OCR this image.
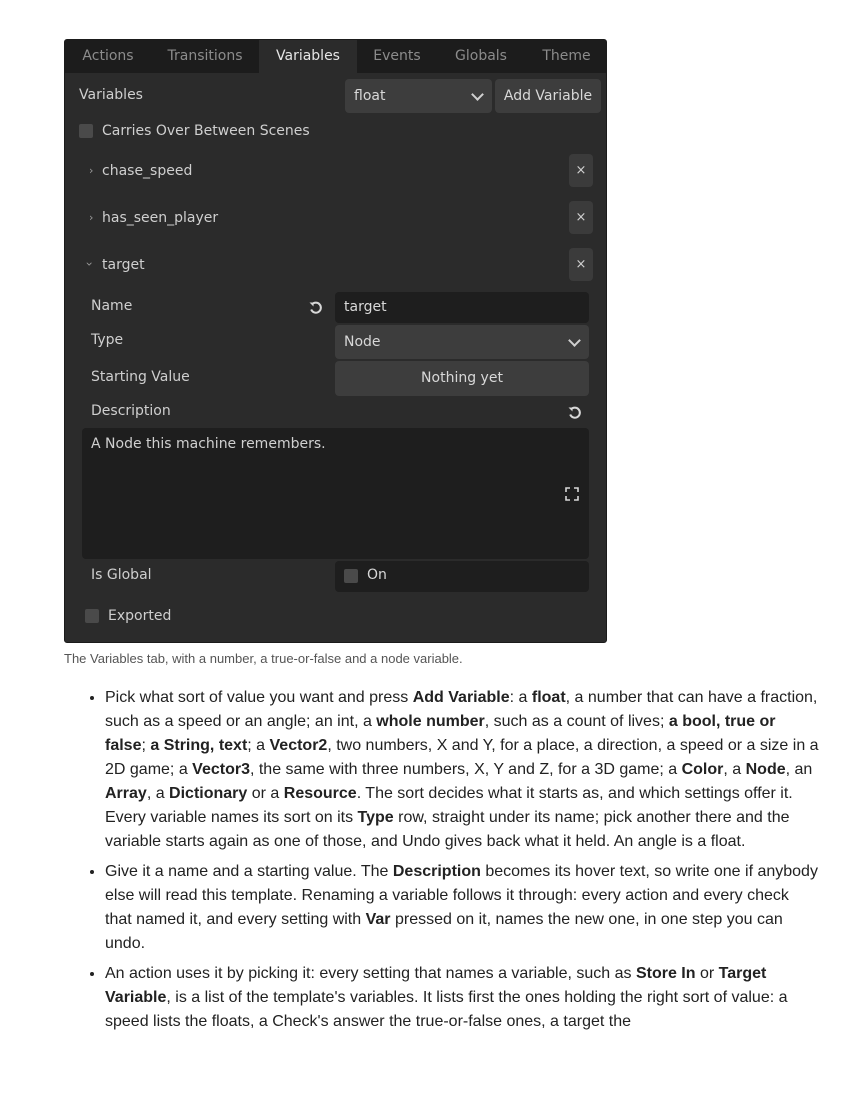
Actions	Transitions	Variables	Events	Globals	Theme
Variables	float	Add Variable
Carries Over Between Scenes
› chase_speed	×
› has_seen_player	×
› target	×
Name	target
Type	Node
Starting Value	Nothing yet
Description
A Node this machine remembers.
Is Global	On
Exported
The Variables tab, with a number, a true-or-false and a node variable.
• Pick what sort of value you want and press Add Variable: a float, a number that can have a fraction, such as a speed or an angle; an int, a whole number, such as a count of lives; a bool, true or false; a String, text; a Vector2, two numbers, X and Y, for a place, a direction, a speed or a size in a 2D game; a Vector3, the same with three numbers, X, Y and Z, for a 3D game; a Color, a Node, an Array, a Dictionary or a Resource. The sort decides what it starts as, and which settings offer it. Every variable names its sort on its Type row, straight under its name; pick another there and the variable starts again as one of those, and Undo gives back what it held. An angle is a float.
• Give it a name and a starting value. The Description becomes its hover text, so write one if anybody else will read this template. Renaming a variable follows it through: every action and every check that named it, and every setting with Var pressed on it, names the new one, in one step you can undo.
• An action uses it by picking it: every setting that names a variable, such as Store In or Target Variable, is a list of the template's variables. It lists first the ones holding the right sort of value: a speed lists the floats, a Check's answer the true-or-false ones, a target the
